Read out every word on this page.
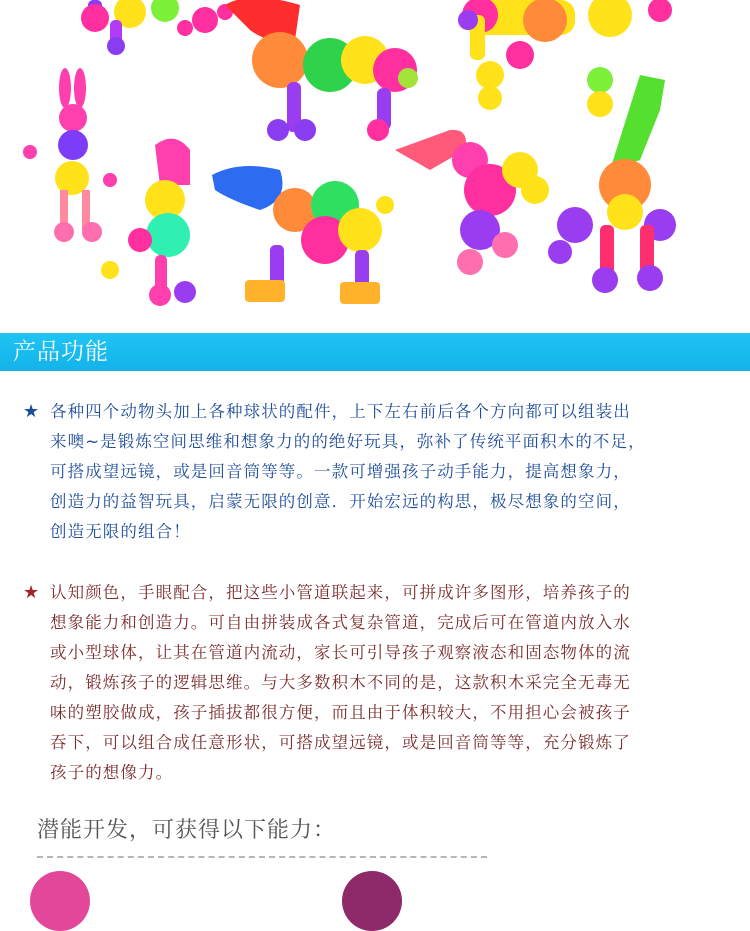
产品功能
★ 各种四个动物头加上各种球状的配件，上下左右前后各个方向都可以组装出
来噢~是锻炼空间思维和想象力的的绝好玩具，弥补了传统平面积木的不足，
可搭成望远镜，或是回音筒等等。一款可增强孩子动手能力，提高想象力，
创造力的益智玩具，启蒙无限的创意．开始宏远的构思，极尽想象的空间，
创造无限的组合！
★ 认知颜色，手眼配合，把这些小管道联起来，可拼成许多图形，培养孩子的
想象能力和创造力。可自由拼装成各式复杂管道，完成后可在管道内放入水
或小型球体，让其在管道内流动，家长可引导孩子观察液态和固态物体的流
动，锻炼孩子的逻辑思维。与大多数积木不同的是，这款积木采完全无毒无
味的塑胶做成，孩子插拔都很方便，而且由于体积较大，不用担心会被孩子
吞下，可以组合成任意形状，可搭成望远镜，或是回音筒等等，充分锻炼了
孩子的想像力。
潜能开发，可获得以下能力：
